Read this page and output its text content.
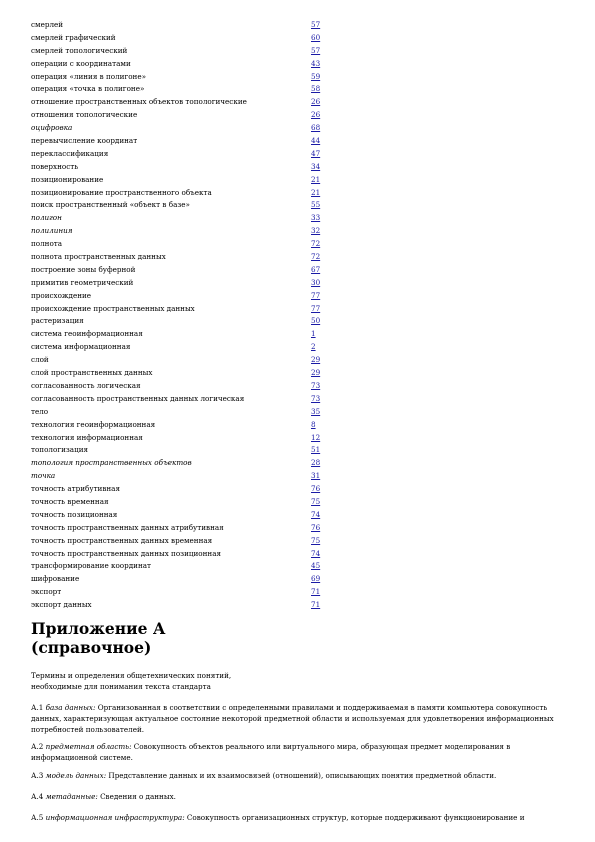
смерлей	57
смерлей графический	60
смерлей топологический	57
операции с координатами	43
операция «линия в полигоне»	59
операция «точка в полигоне»	58
отношение пространственных объектов топологические	26
отношения топологические	26
оцифровка	68
перевычисление координат	44
переклассификация	47
поверхность	34
позиционирование	21
позиционирование пространственного объекта	21
поиск пространственный «объект в базе»	55
полигон	33
полилиния	32
полнота	72
полнота пространственных данных	72
построение зоны буферной	67
примитив геометрический	30
происхождение	77
происхождение пространственных данных	77
растеризация	50
система геоинформационная	1
система информационная	2
слой	29
слой пространственных данных	29
согласованность логическая	73
согласованность пространственных данных логическая	73
тело	35
технология геоинформационная	8
технология информационная	12
топологизация	51
топология пространственных объектов	28
точка	31
точность атрибутивная	76
точность временная	75
точность позиционная	74
точность пространственных данных атрибутивная	76
точность пространственных данных временная	75
точность пространственных данных позиционная	74
трансформирование координат	45
шифрование	69
экспорт	71
экспорт данных	71
Приложение А
(справочное)
Термины и определения общетехнических понятий,
необходимые для понимания текста стандарта
А.1 база данных: Организованная в соответствии с определенными правилами и поддерживаемая в памяти компьютера совокупность данных, характеризующая актуальное состояние некоторой предметной области и используемая для удовлетворения информационных потребностей пользователей.
А.2 предметная область: Совокупность объектов реального или виртуального мира, образующая предмет моделирования в информационной системе.
А.3 модель данных: Представление данных и их взаимосвязей (отношений), описывающих понятия предметной области.
А.4 метаданные: Сведения о данных.
А.5 информационная инфраструктура: Совокупность организационных структур, которые поддерживают функционирование и
